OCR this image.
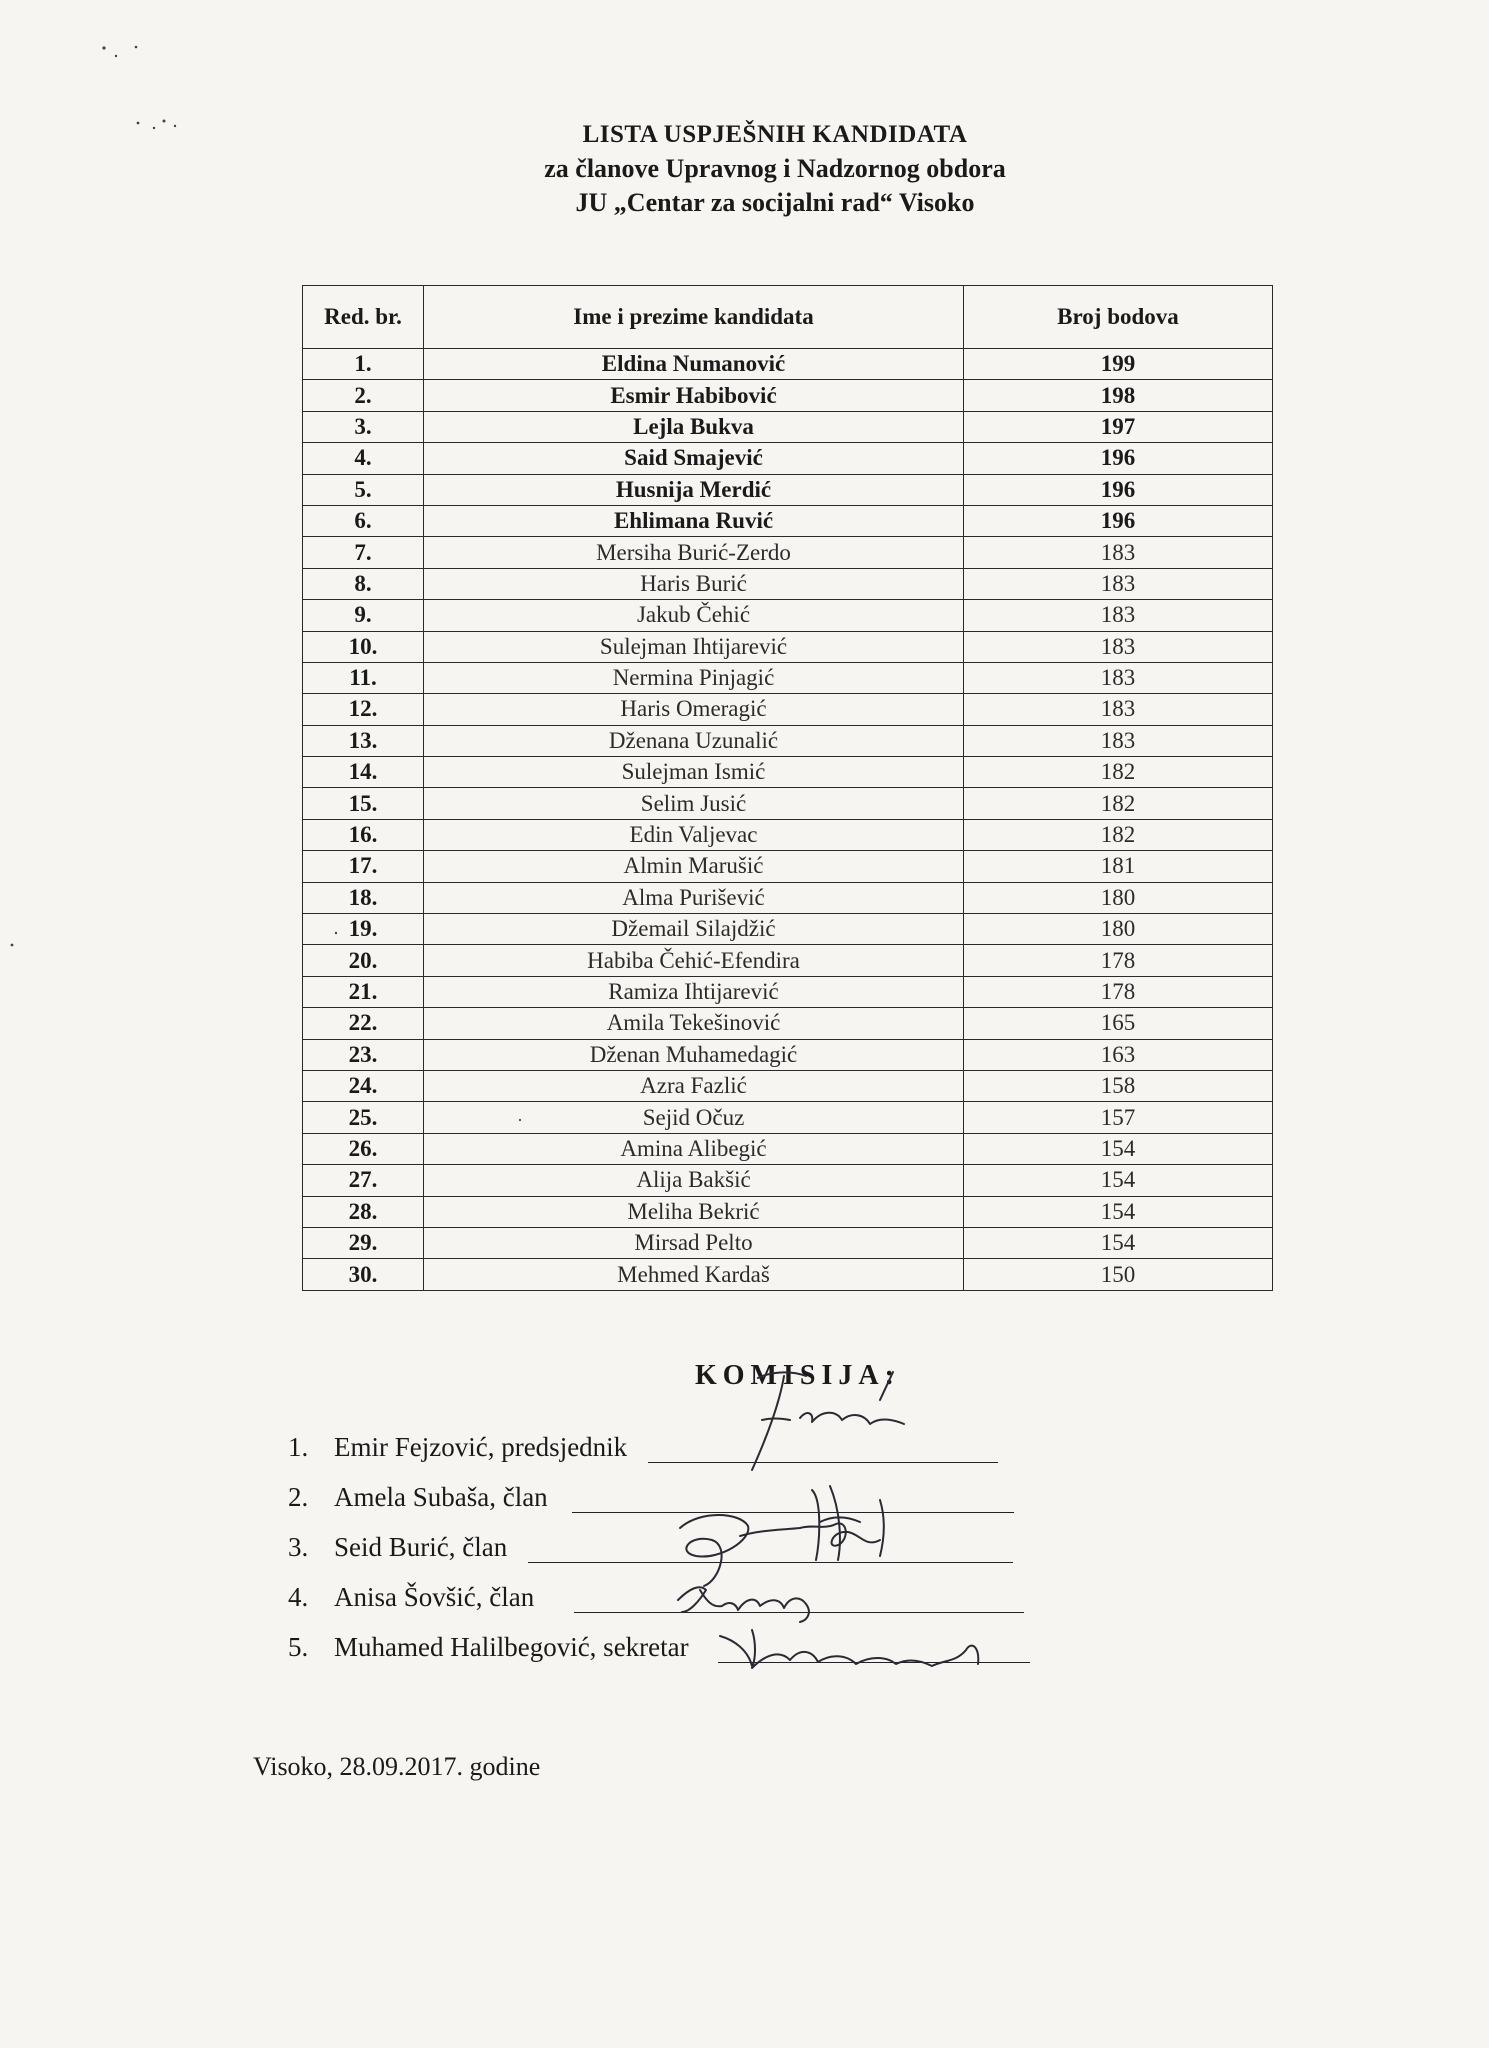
LISTA USPJEŠNIH KANDIDATA
za članove Upravnog i Nadzornog obdora
JU „Centar za socijalni rad“ Visoko
Red. br.	Ime i prezime kandidata	Broj bodova
1.	Eldina Numanović	199
2.	Esmir Habibović	198
3.	Lejla Bukva	197
4.	Said Smajević	196
5.	Husnija Merdić	196
6.	Ehlimana Ruvić	196
7.	Mersiha Burić-Zerdo	183
8.	Haris Burić	183
9.	Jakub Čehić	183
10.	Sulejman Ihtijarević	183
11.	Nermina Pinjagić	183
12.	Haris Omeragić	183
13.	Dženana Uzunalić	183
14.	Sulejman Ismić	182
15.	Selim Jusić	182
16.	Edin Valjevac	182
17.	Almin Marušić	181
18.	Alma Purišević	180
19.	Džemail Silajdžić	180
20.	Habiba Čehić-Efendira	178
21.	Ramiza Ihtijarević	178
22.	Amila Tekešinović	165
23.	Dženan Muhamedagić	163
24.	Azra Fazlić	158
25.	Sejid Očuz	157
26.	Amina Alibegić	154
27.	Alija Bakšić	154
28.	Meliha Bekrić	154
29.	Mirsad Pelto	154
30.	Mehmed Kardaš	150
KOMISIJA:
1. Emir Fejzović, predsjednik
2. Amela Subaša, član
3. Seid Burić, član
4. Anisa Šovšić, član
5. Muhamed Halilbegović, sekretar
Visoko, 28.09.2017. godine
